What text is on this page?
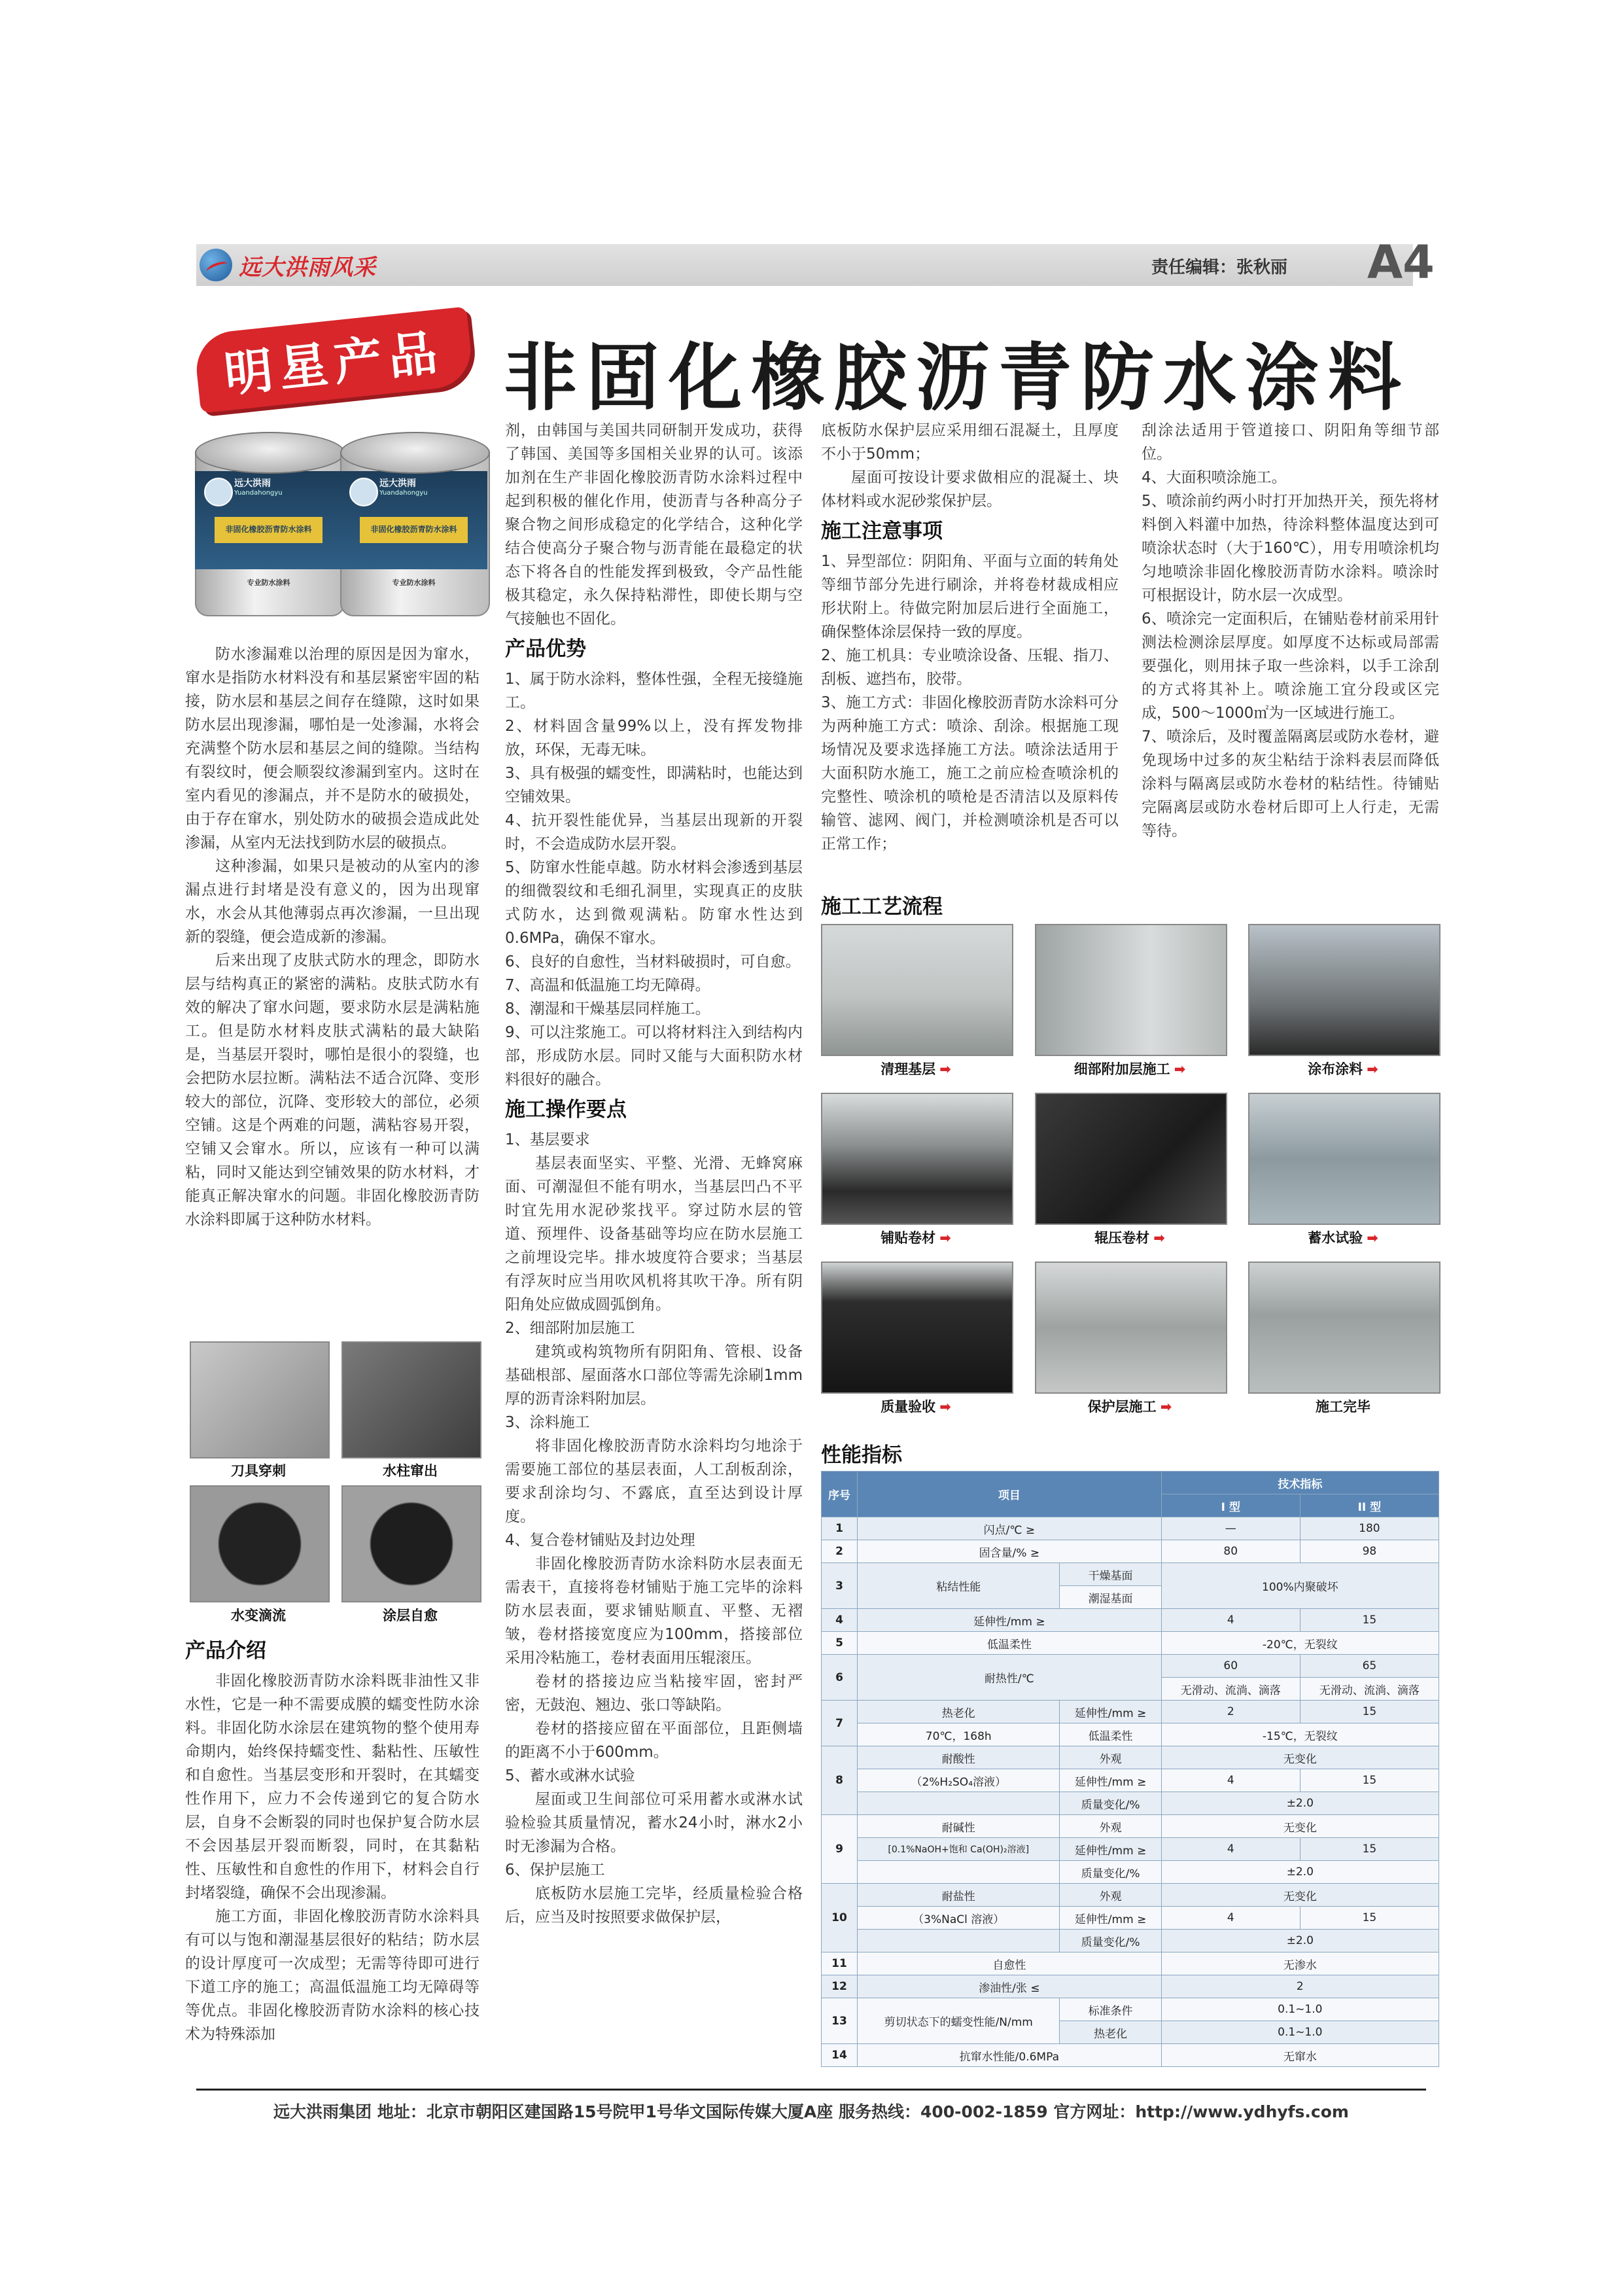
远大洪雨风采	责任编辑：张秋丽 A4
明星产品 非固化橡胶沥青防水涂料
远大洪雨
Yuandahongyu
非固化橡胶沥青防水涂料
专业防水涂料
远大洪雨
Yuandahongyu
非固化橡胶沥青防水涂料
专业防水涂料

防水渗漏难以治理的原因是因为窜水，窜水是指防水材料没有和基层紧密牢固的粘接，防水层和基层之间存在缝隙，这时如果防水层出现渗漏，哪怕是一处渗漏，水将会充满整个防水层和基层之间的缝隙。当结构有裂纹时，便会顺裂纹渗漏到室内。这时在室内看见的渗漏点，并不是防水的破损处，由于存在窜水，别处防水的破损会造成此处渗漏，从室内无法找到防水层的破损点。

这种渗漏，如果只是被动的从室内的渗漏点进行封堵是没有意义的，因为出现窜水，水会从其他薄弱点再次渗漏，一旦出现新的裂缝，便会造成新的渗漏。

后来出现了皮肤式防水的理念，即防水层与结构真正的紧密的满粘。皮肤式防水有效的解决了窜水问题，要求防水层是满粘施工。但是防水材料皮肤式满粘的最大缺陷是，当基层开裂时，哪怕是很小的裂缝，也会把防水层拉断。满粘法不适合沉降、变形较大的部位，沉降、变形较大的部位，必须空铺。这是个两难的问题，满粘容易开裂，空铺又会窜水。所以，应该有一种可以满粘，同时又能达到空铺效果的防水材料，才能真正解决窜水的问题。非固化橡胶沥青防水涂料即属于这种防水材料。

刀具穿刺	水柱窜出
水变滴流	涂层自愈
产品介绍

非固化橡胶沥青防水涂料既非油性又非水性，它是一种不需要成膜的蠕变性防水涂料。非固化防水涂层在建筑物的整个使用寿命期内，始终保持蠕变性、黏粘性、压敏性和自愈性。当基层变形和开裂时，在其蠕变性作用下，应力不会传递到它的复合防水层，自身不会断裂的同时也保护复合防水层不会因基层开裂而断裂，同时，在其黏粘性、压敏性和自愈性的作用下，材料会自行封堵裂缝，确保不会出现渗漏。

施工方面，非固化橡胶沥青防水涂料具有可以与饱和潮湿基层很好的粘结；防水层的设计厚度可一次成型；无需等待即可进行下道工序的施工；高温低温施工均无障碍等等优点。非固化橡胶沥青防水涂料的核心技术为特殊添加

剂，由韩国与美国共同研制开发成功，获得了韩国、美国等多国相关业界的认可。该添加剂在生产非固化橡胶沥青防水涂料过程中起到积极的催化作用，使沥青与各种高分子聚合物之间形成稳定的化学结合，这种化学结合使高分子聚合物与沥青能在最稳定的状态下将各自的性能发挥到极致，令产品性能极其稳定，永久保持粘滞性，即使长期与空气接触也不固化。

产品优势

1、属于防水涂料，整体性强，全程无接缝施工。

2、材料固含量99%以上，没有挥发物排放，环保，无毒无味。

3、具有极强的蠕变性，即满粘时，也能达到空铺效果。

4、抗开裂性能优异，当基层出现新的开裂时，不会造成防水层开裂。

5、防窜水性能卓越。防水材料会渗透到基层的细微裂纹和毛细孔洞里，实现真正的皮肤式防水，达到微观满粘。防窜水性达到0.6MPa，确保不窜水。

6、良好的自愈性，当材料破损时，可自愈。

7、高温和低温施工均无障碍。

8、潮湿和干燥基层同样施工。

9、可以注浆施工。可以将材料注入到结构内部，形成防水层。同时又能与大面积防水材料很好的融合。

施工操作要点

1、基层要求

基层表面坚实、平整、光滑、无蜂窝麻面、可潮湿但不能有明水，当基层凹凸不平时宜先用水泥砂浆找平。穿过防水层的管道、预埋件、设备基础等均应在防水层施工之前埋设完毕。排水坡度符合要求；当基层有浮灰时应当用吹风机将其吹干净。所有阴阳角处应做成圆弧倒角。

2、细部附加层施工

建筑或构筑物所有阴阳角、管根、设备基础根部、屋面落水口部位等需先涂刷1mm厚的沥青涂料附加层。

3、涂料施工

将非固化橡胶沥青防水涂料均匀地涂于需要施工部位的基层表面，人工刮板刮涂，要求刮涂均匀、不露底，直至达到设计厚度。

4、复合卷材铺贴及封边处理

非固化橡胶沥青防水涂料防水层表面无需表干，直接将卷材铺贴于施工完毕的涂料防水层表面，要求铺贴顺直、平整、无褶皱，卷材搭接宽度应为100mm，搭接部位采用冷粘施工，卷材表面用压辊滚压。

卷材的搭接边应当粘接牢固，密封严密，无鼓泡、翘边、张口等缺陷。

卷材的搭接应留在平面部位，且距侧墙的距离不小于600mm。

5、蓄水或淋水试验

屋面或卫生间部位可采用蓄水或淋水试验检验其质量情况，蓄水24小时，淋水2小时无渗漏为合格。

6、保护层施工

底板防水层施工完毕，经质量检验合格后，应当及时按照要求做保护层，

底板防水保护层应采用细石混凝土，且厚度不小于50mm；

屋面可按设计要求做相应的混凝土、块体材料或水泥砂浆保护层。

施工注意事项

1、异型部位：阴阳角、平面与立面的转角处等细节部分先进行刷涂，并将卷材裁成相应形状附上。待做完附加层后进行全面施工，确保整体涂层保持一致的厚度。

2、施工机具：专业喷涂设备、压辊、指刀、刮板、遮挡布，胶带。

3、施工方式：非固化橡胶沥青防水涂料可分为两种施工方式：喷涂、刮涂。根据施工现场情况及要求选择施工方法。喷涂法适用于大面积防水施工，施工之前应检查喷涂机的完整性、喷涂机的喷枪是否清洁以及原料传输管、滤网、阀门，并检测喷涂机是否可以正常工作；

刮涂法适用于管道接口、阴阳角等细节部位。

4、大面积喷涂施工。

5、喷涂前约两小时打开加热开关，预先将材料倒入料灌中加热，待涂料整体温度达到可喷涂状态时（大于160℃），用专用喷涂机均匀地喷涂非固化橡胶沥青防水涂料。喷涂时可根据设计，防水层一次成型。

6、喷涂完一定面积后，在铺贴卷材前采用针测法检测涂层厚度。如厚度不达标或局部需要强化，则用抹子取一些涂料，以手工涂刮的方式将其补上。喷涂施工宜分段或区完成，500～1000㎡为一区域进行施工。

7、喷涂后，及时覆盖隔离层或防水卷材，避免现场中过多的灰尘粘结于涂料表层而降低涂料与隔离层或防水卷材的粘结性。待铺贴完隔离层或防水卷材后即可上人行走，无需等待。

施工工艺流程
清理基层 ➡	细部附加层施工 ➡	涂布涂料 ➡
铺贴卷材 ➡	辊压卷材 ➡	蓄水试验 ➡
质量验收 ➡	保护层施工 ➡	施工完毕
性能指标
序号	项目		技术指标	
			I 型	II 型
1	闪点/℃ ≥		—	180
2	固含量/% ≥		80	98
3	粘结性能	干燥基面	100%内聚破坏	
		潮湿基面		
4	延伸性/mm ≥		4	15
5	低温柔性		-20℃，无裂纹	
6	耐热性/℃		60	65
			无滑动、流淌、滴落	无滑动、流淌、滴落
7	热老化	延伸性/mm ≥	2	15
	70℃，168h	低温柔性	-15℃，无裂纹	
8	耐酸性	外观	无变化	
	（2%H₂SO₄溶液）	延伸性/mm ≥	4	15
		质量变化/%	±2.0	
9	耐碱性	外观	无变化	
	[0.1%NaOH+饱和 Ca(OH)₂溶液]	延伸性/mm ≥	4	15
		质量变化/%	±2.0	
10	耐盐性	外观	无变化	
	（3%NaCl 溶液）	延伸性/mm ≥	4	15
		质量变化/%	±2.0	
11	自愈性		无渗水	
12	渗油性/张 ≤		2	
13	剪切状态下的蠕变性能/N/mm	标准条件	0.1~1.0	
		热老化	0.1~1.0	
14	抗窜水性能/0.6MPa		无窜水	
远大洪雨集团 地址：北京市朝阳区建国路15号院甲1号华文国际传媒大厦A座 服务热线：400-002-1859 官方网址：http://www.ydhyfs.com
